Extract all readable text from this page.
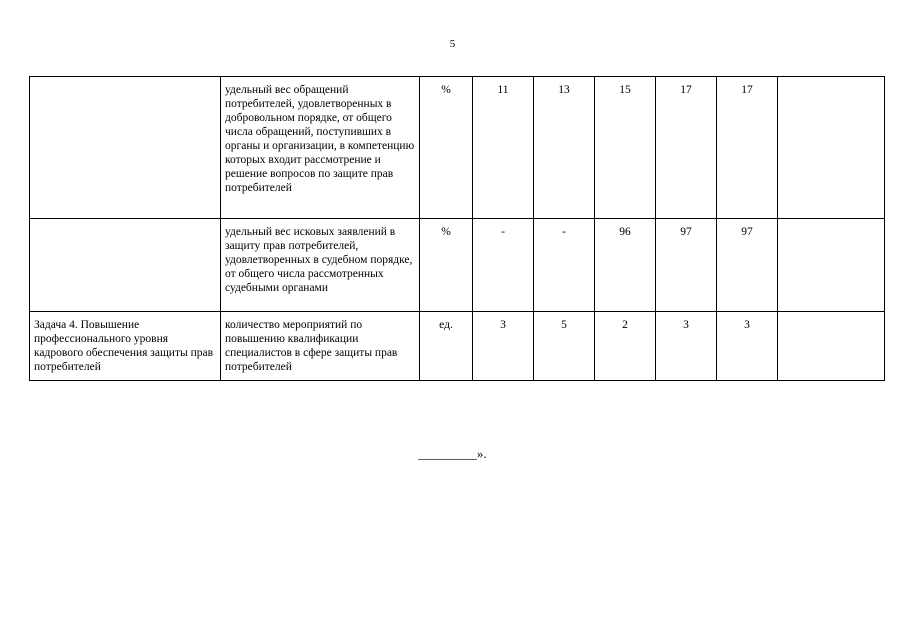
5
	удельный вес обращений потребителей, удовлетворенных в добровольном порядке, от общего числа обращений, поступивших в органы и организации, в компетенцию которых входит рассмотрение и решение вопросов по защите прав потребителей	%	11	13	15	17	17	
	удельный вес исковых заявлений в защиту прав потребителей, удовлетворенных в судебном порядке, от общего числа рассмотренных судебными органами	%	-	-	96	97	97	
Задача 4. Повышение профессионального уровня кадрового обеспечения защиты прав потребителей	количество мероприятий по повышению квалификации специалистов в сфере защиты прав потребителей	ед.	3	5	2	3	3	
_________».
